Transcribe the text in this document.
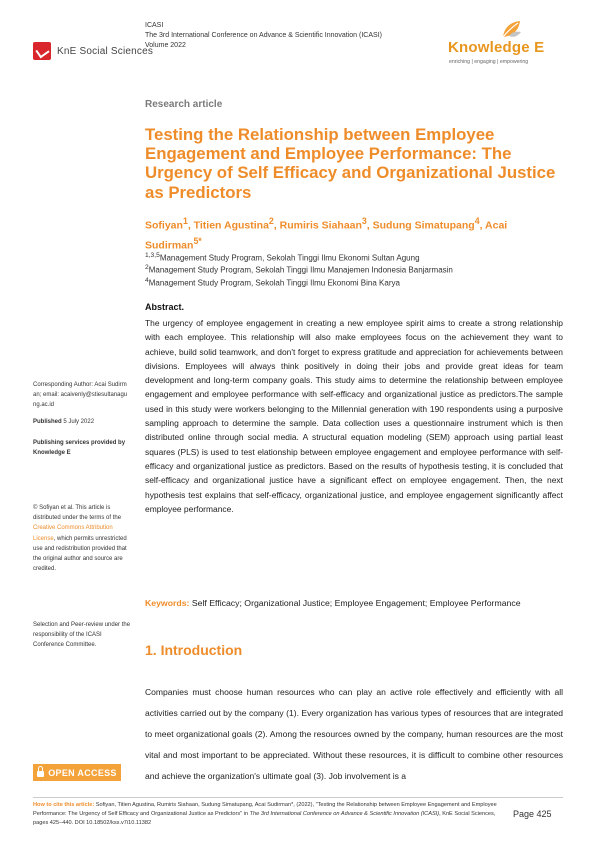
KnE Social Sciences
ICASI
The 3rd International Conference on Advance & Scientific Innovation (ICASI)
Volume 2022	Knowledge E
enriching | engaging | empowering
Research article
Testing the Relationship between Employee Engagement and Employee Performance: The Urgency of Self Efficacy and Organizational Justice as Predictors
Sofiyan$^1$, Titien Agustina$^2$, Rumiris Siahaan$^3$, Sudung Simatupang$^4$, Acai Sudirman$^{5*}$
$^{1,3,5}$Management Study Program, Sekolah Tinggi Ilmu Ekonomi Sultan Agung
$^2$Management Study Program, Sekolah Tinggi Ilmu Manajemen Indonesia Banjarmasin
$^4$Management Study Program, Sekolah Tinggi Ilmu Ekonomi Bina Karya
Abstract.
The urgency of employee engagement in creating a new employee spirit aims to create a strong relationship with each employee. This relationship will also make employees focus on the achievement they want to achieve, build solid teamwork, and don't forget to express gratitude and appreciation for achievements between divisions. Employees will always think positively in doing their jobs and provide great ideas for team development and long-term company goals. This study aims to determine the relationship between employee engagement and employee performance with self-efficacy and organizational justice as predictors.The sample used in this study were workers belonging to the Millennial generation with 190 respondents using a purposive sampling approach to determine the sample. Data collection uses a questionnaire instrument which is then distributed online through social media. A structural equation modeling (SEM) approach using partial least squares (PLS) is used to test elationship between employee engagement and employee performance with self-efficacy and organizational justice as predictors. Based on the results of hypothesis testing, it is concluded that self-efficacy and organizational justice have a significant effect on employee engagement. Then, the next hypothesis test explains that self-efficacy, organizational justice, and employee engagement significantly affect employee performance.
Keywords: Self Efficacy; Organizational Justice; Employee Engagement; Employee Performance
1. Introduction
Companies must choose human resources who can play an active role effectively and efficiently with all activities carried out by the company (1). Every organization has various types of resources that are integrated to meet organizational goals (2). Among the resources owned by the company, human resources are the most vital and most important to be appreciated. Without these resources, it is difficult to combine other resources and achieve the organization's ultimate goal (3). Job involvement is a
Corresponding Author: Acai Sudirman; email: acaivenly@stiesultanagung.ac.id
Published 5 July 2022
Publishing services provided by Knowledge E
© Sofiyan et al. This article is distributed under the terms of the Creative Commons Attribution License, which permits unrestricted use and redistribution provided that the original author and source are credited.
Selection and Peer-review under the responsibility of the ICASI Conference Committee.
OPEN ACCESS
How to cite this article: Sofiyan, Titien Agustina, Rumiris Siahaan, Sudung Simatupang, Acai Sudirman*, (2022), "Testing the Relationship between Employee Engagement and Employee Performance: The Urgency of Self Efficacy and Organizational Justice as Predictors" in The 3rd International Conference on Advance & Scientific Innovation (ICASI), KnE Social Sciences, pages 425–440. DOI 10.18502/kss.v7i10.11382
Page 425
